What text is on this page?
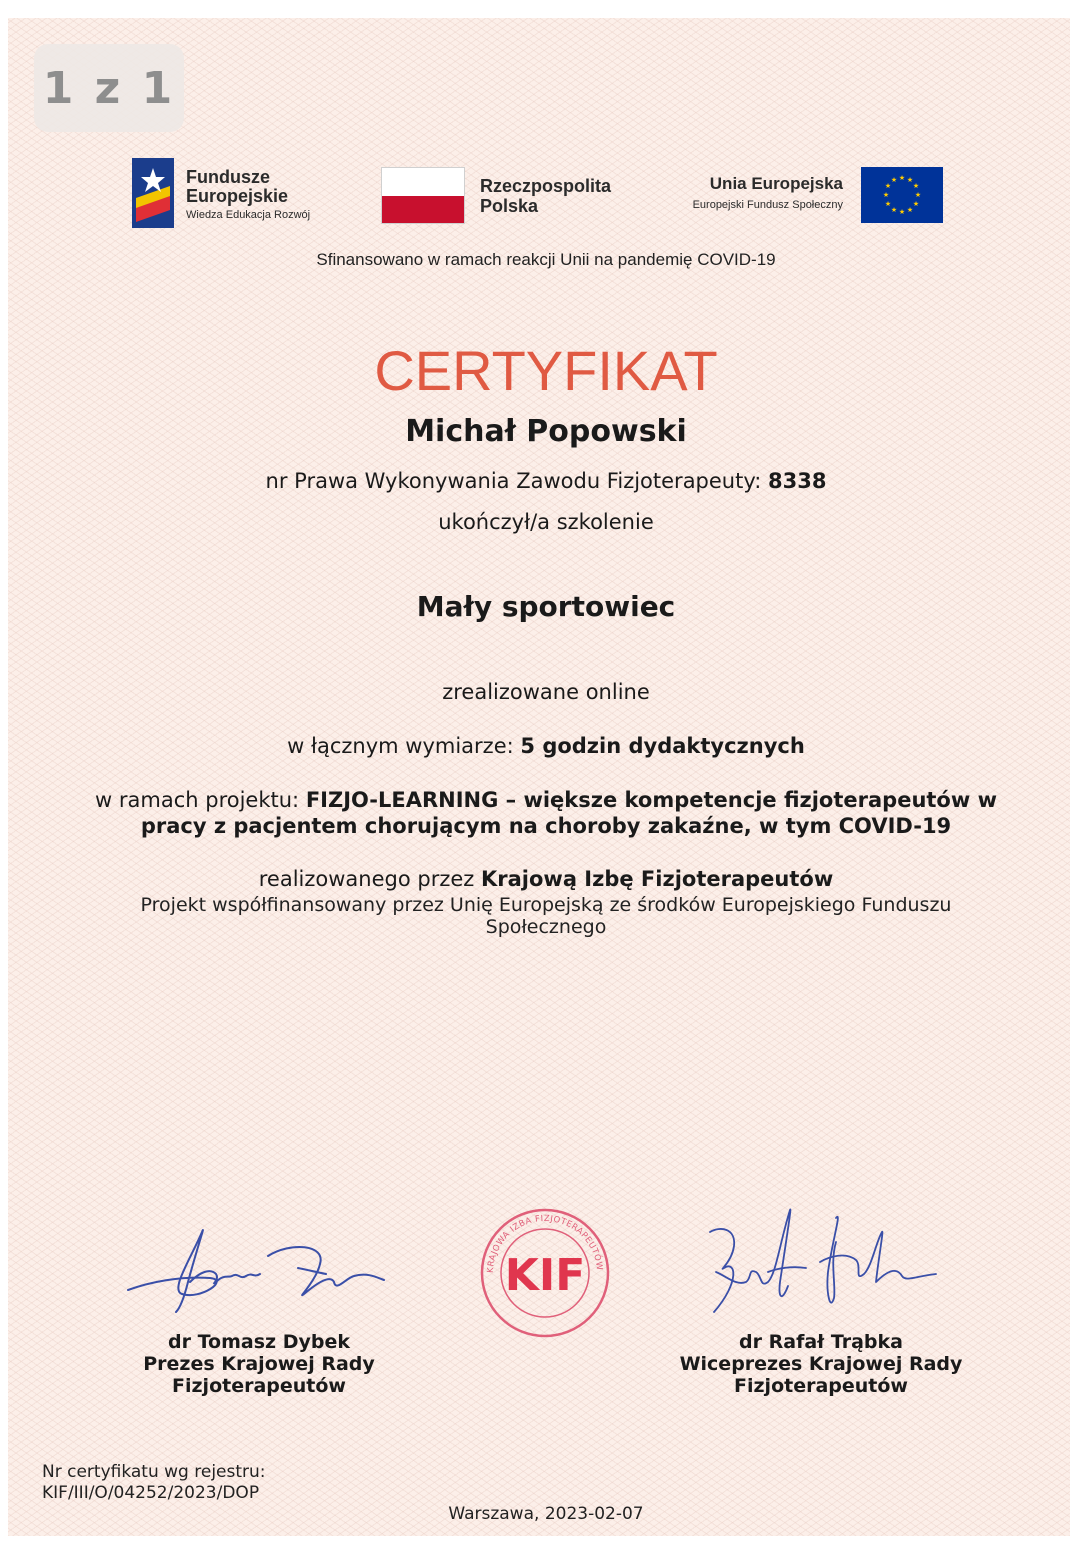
1 z 1
Fundusze
Europejskie
Wiedza Edukacja Rozwój
Rzeczpospolita
Polska
Unia Europejska
Europejski Fundusz Społeczny
★ ★
★
★
★
★
★
★
★
★
★
★
Sfinansowano w ramach reakcji Unii na pandemię COVID-19
CERTYFIKAT
Michał Popowski
nr Prawa Wykonywania Zawodu Fizjoterapeuty: 8338
ukończył/a szkolenie
Mały sportowiec
zrealizowane online
w łącznym wymiarze: 5 godzin dydaktycznych
w ramach projektu: FIZJO-LEARNING – większe kompetencje fizjoterapeutów w
pracy z pacjentem chorującym na choroby zakaźne, w tym COVID-19
realizowanego przez Krajową Izbę Fizjoterapeutów
Projekt współfinansowany przez Unię Europejską ze środków Europejskiego Funduszu
Społecznego
KRAJOWA IZBA FIZJOTERAPEUTÓW
KIF
dr Tomasz Dybek
Prezes Krajowej Rady
Fizjoterapeutów
dr Rafał Trąbka
Wiceprezes Krajowej Rady
Fizjoterapeutów
Nr certyfikatu wg rejestru:
KIF/III/O/04252/2023/DOP
Warszawa, 2023-02-07
